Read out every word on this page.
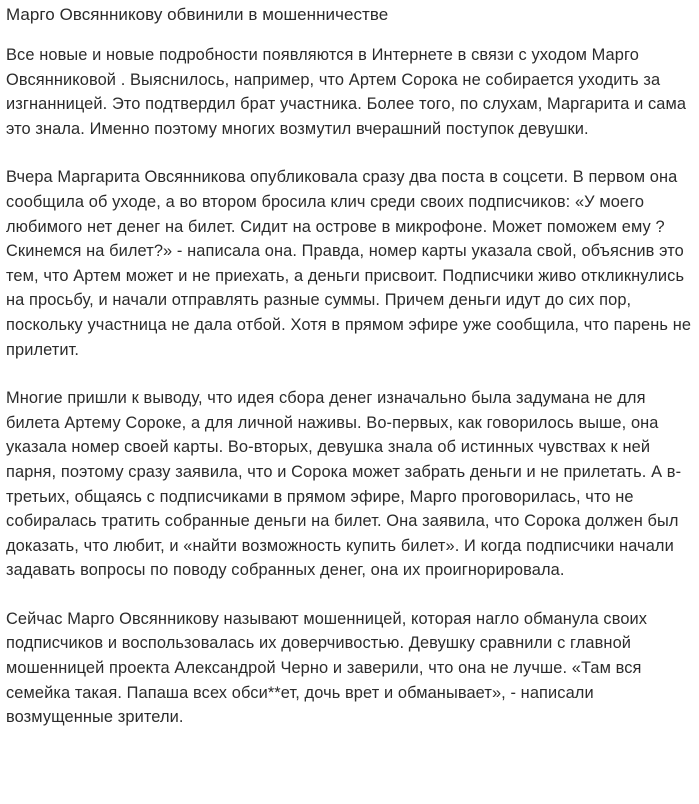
Марго Овсянникову обвинили в мошенничестве

Все новые и новые подробности появляются в Интернете в связи с уходом Марго Овсянниковой . Выяснилось, например, что Артем Сорока не собирается уходить за изгнанницей. Это подтвердил брат участника. Более того, по слухам, Маргарита и сама это знала. Именно поэтому многих возмутил вчерашний поступок девушки.

Вчера Маргарита Овсянникова опубликовала сразу два поста в соцсети. В первом она сообщила об уходе, а во втором бросила клич среди своих подписчиков: «У моего любимого нет денег на билет. Сидит на острове в микрофоне. Может поможем ему ? Скинемся на билет?» - написала она. Правда, номер карты указала свой, объяснив это тем, что Артем может и не приехать, а деньги присвоит. Подписчики живо откликнулись на просьбу, и начали отправлять разные суммы. Причем деньги идут до сих пор, поскольку участница не дала отбой. Хотя в прямом эфире уже сообщила, что парень не прилетит.

Многие пришли к выводу, что идея сбора денег изначально была задумана не для билета Артему Сороке, а для личной наживы. Во-первых, как говорилось выше, она указала номер своей карты. Во-вторых, девушка знала об истинных чувствах к ней парня, поэтому сразу заявила, что и Сорока может забрать деньги и не прилетать. А в-третьих, общаясь с подписчиками в прямом эфире, Марго проговорилась, что не собиралась тратить собранные деньги на билет. Она заявила, что Сорока должен был доказать, что любит, и «найти возможность купить билет». И когда подписчики начали задавать вопросы по поводу собранных денег, она их проигнорировала.

Сейчас Марго Овсянникову называют мошенницей, которая нагло обманула своих подписчиков и воспользовалась их доверчивостью. Девушку сравнили с главной мошенницей проекта Александрой Черно и заверили, что она не лучше. «Там вся семейка такая. Папаша всех обси**ет, дочь врет и обманывает», - написали возмущенные зрители.
